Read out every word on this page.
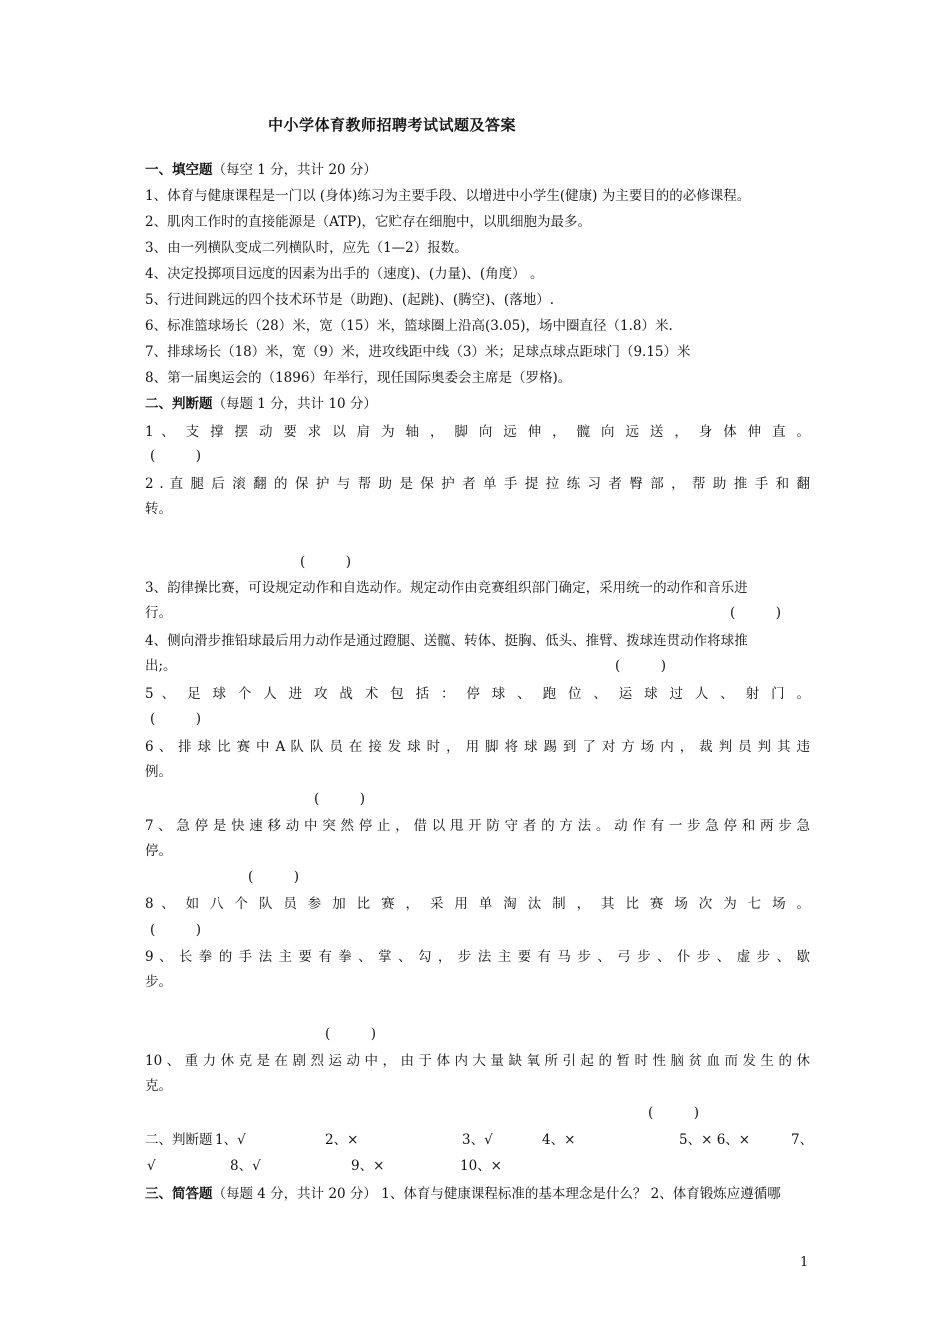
中小学体育教师招聘考试试题及答案
一、填空题（每空 1 分，共计 20 分）
1、体育与健康课程是一门以 (身体)练习为主要手段、以增进中小学生(健康) 为主要目的的必修课程。
2、肌肉工作时的直接能源是（ATP)，它贮存在细胞中，以肌细胞为最多。
3、由一列横队变成二列横队时，应先（1—2）报数。
4、决定投掷项目远度的因素为出手的（速度)、(力量)、(角度） 。
5、行进间跳远的四个技术环节是（助跑)、(起跳)、(腾空)、(落地）.
6、标准篮球场长（28）米，宽（15）米，篮球圈上沿高(3.05)，场中圈直径（1.8）米.
7、排球场长（18）米，宽（9）米，进攻线距中线（3）米；足球点球点距球门（9.15）米
8、第一届奥运会的（1896）年举行，现任国际奥委会主席是（罗格)。
二、判断题（每题 1 分，共计 10 分）
1 、 支 撑 摆 动 要 求 以 肩 为 轴 ， 脚 向 远 伸 ， 髋 向 远 送 ， 身 体 伸 直 。
(　　　)
2 . 直 腿 后 滚 翻 的 保 护 与 帮 助 是 保 护 者 单 手 提 拉 练 习 者 臀 部 ， 帮 助 推 手 和 翻
转。
(　　　)
3、韵律操比赛，可设规定动作和自选动作。规定动作由竞赛组织部门确定，采用统一的动作和音乐进
行。	(　　　)
4、侧向滑步推铅球最后用力动作是通过蹬腿、送髋、转体、挺胸、低头、推臂、拨球连贯动作将球推
出;。	(　　　)
5 、 足 球 个 人 进 攻 战 术 包 括 ： 停 球 、 跑 位 、 运 球 过 人 、 射 门 。
(　　　)
6 、 排 球 比 赛 中 A 队 队 员 在 接 发 球 时 ， 用 脚 将 球 踢 到 了 对 方 场 内 ， 裁 判 员 判 其 违
例。
(　　　)
7 、 急 停 是 快 速 移 动 中 突 然 停 止 ， 借 以 甩 开 防 守 者 的 方 法 。 动 作 有 一 步 急 停 和 两 步 急
停。
(　　　)
8 、 如 八 个 队 员 参 加 比 赛 ， 采 用 单 淘 汰 制 ， 其 比 赛 场 次 为 七 场 。
(　　　)
9 、 长 拳 的 手 法 主 要 有 拳 、 掌 、 勾 ， 步 法 主 要 有 马 步 、 弓 步 、 仆 步 、 虚 步 、 歇
步。
(　　　)
10 、 重 力 休 克 是 在 剧 烈 运 动 中 ， 由 于 体 内 大 量 缺 氧 所 引 起 的 暂 时 性 脑 贫 血 而 发 生 的 休
克。
(　　　)
二、判断题 1、√	2、×	3、√	4、×	5、× 6、×	7、
√	8、√	9、×	10、×
三、简答题（每题 4 分，共计 20 分） 1、体育与健康课程标准的基本理念是什么？ 2、体育锻炼应遵循哪
1
